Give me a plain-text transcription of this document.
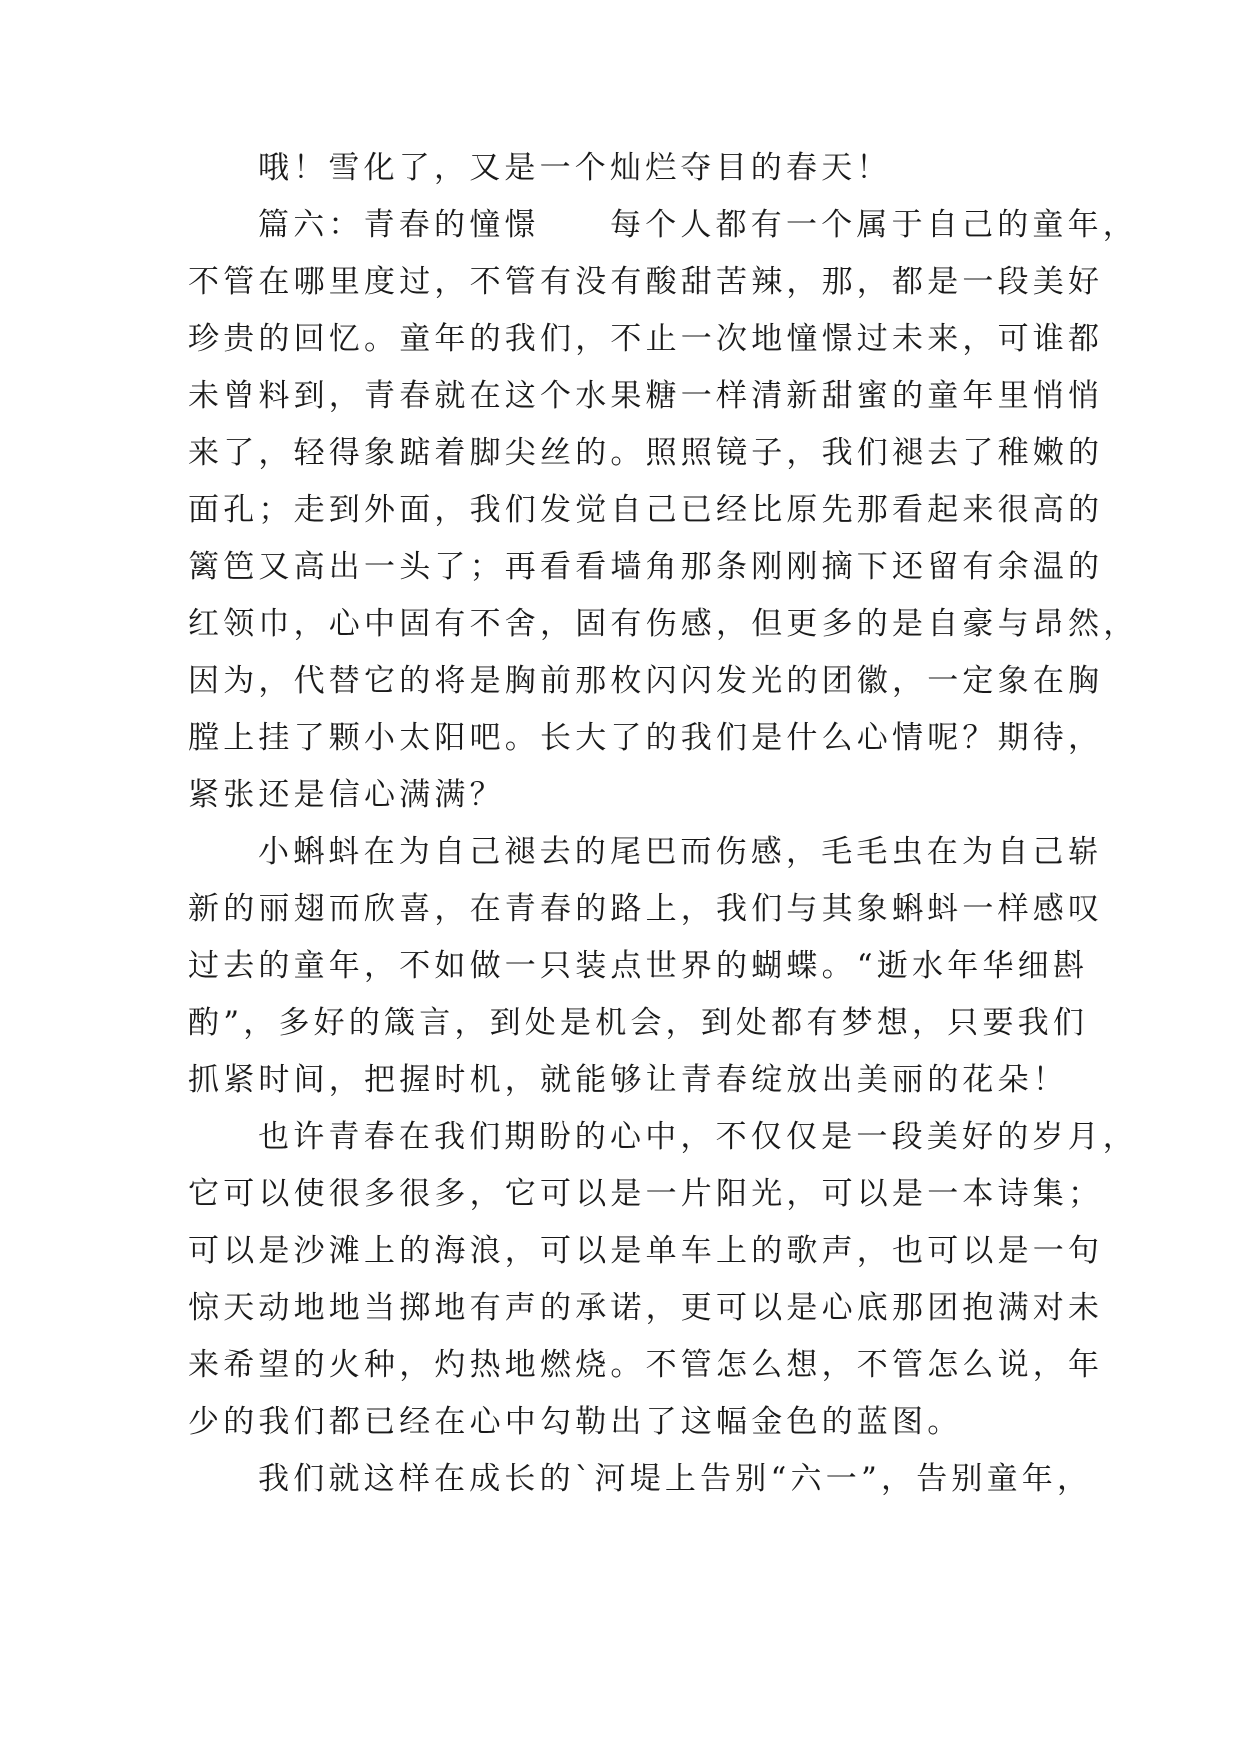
哦！雪化了，又是一个灿烂夺目的春天！
篇六：青春的憧憬　　每个人都有一个属于自己的童年，
不管在哪里度过，不管有没有酸甜苦辣，那，都是一段美好
珍贵的回忆。童年的我们，不止一次地憧憬过未来，可谁都
未曾料到，青春就在这个水果糖一样清新甜蜜的童年里悄悄
来了，轻得象踮着脚尖丝的。照照镜子，我们褪去了稚嫩的
面孔；走到外面，我们发觉自己已经比原先那看起来很高的
篱笆又高出一头了；再看看墙角那条刚刚摘下还留有余温的
红领巾，心中固有不舍，固有伤感，但更多的是自豪与昂然，
因为，代替它的将是胸前那枚闪闪发光的团徽，一定象在胸
膛上挂了颗小太阳吧。长大了的我们是什么心情呢？期待，
紧张还是信心满满？
小蝌蚪在为自己褪去的尾巴而伤感，毛毛虫在为自己崭
新的丽翅而欣喜，在青春的路上，我们与其象蝌蚪一样感叹
过去的童年，不如做一只装点世界的蝴蝶。“逝水年华细斟
酌”，多好的箴言，到处是机会，到处都有梦想，只要我们
抓紧时间，把握时机，就能够让青春绽放出美丽的花朵！
也许青春在我们期盼的心中，不仅仅是一段美好的岁月，
它可以使很多很多，它可以是一片阳光，可以是一本诗集；
可以是沙滩上的海浪，可以是单车上的歌声，也可以是一句
惊天动地地当掷地有声的承诺，更可以是心底那团抱满对未
来希望的火种，灼热地燃烧。不管怎么想，不管怎么说，年
少的我们都已经在心中勾勒出了这幅金色的蓝图。
我们就这样在成长的`河堤上告别“六一”，告别童年，
